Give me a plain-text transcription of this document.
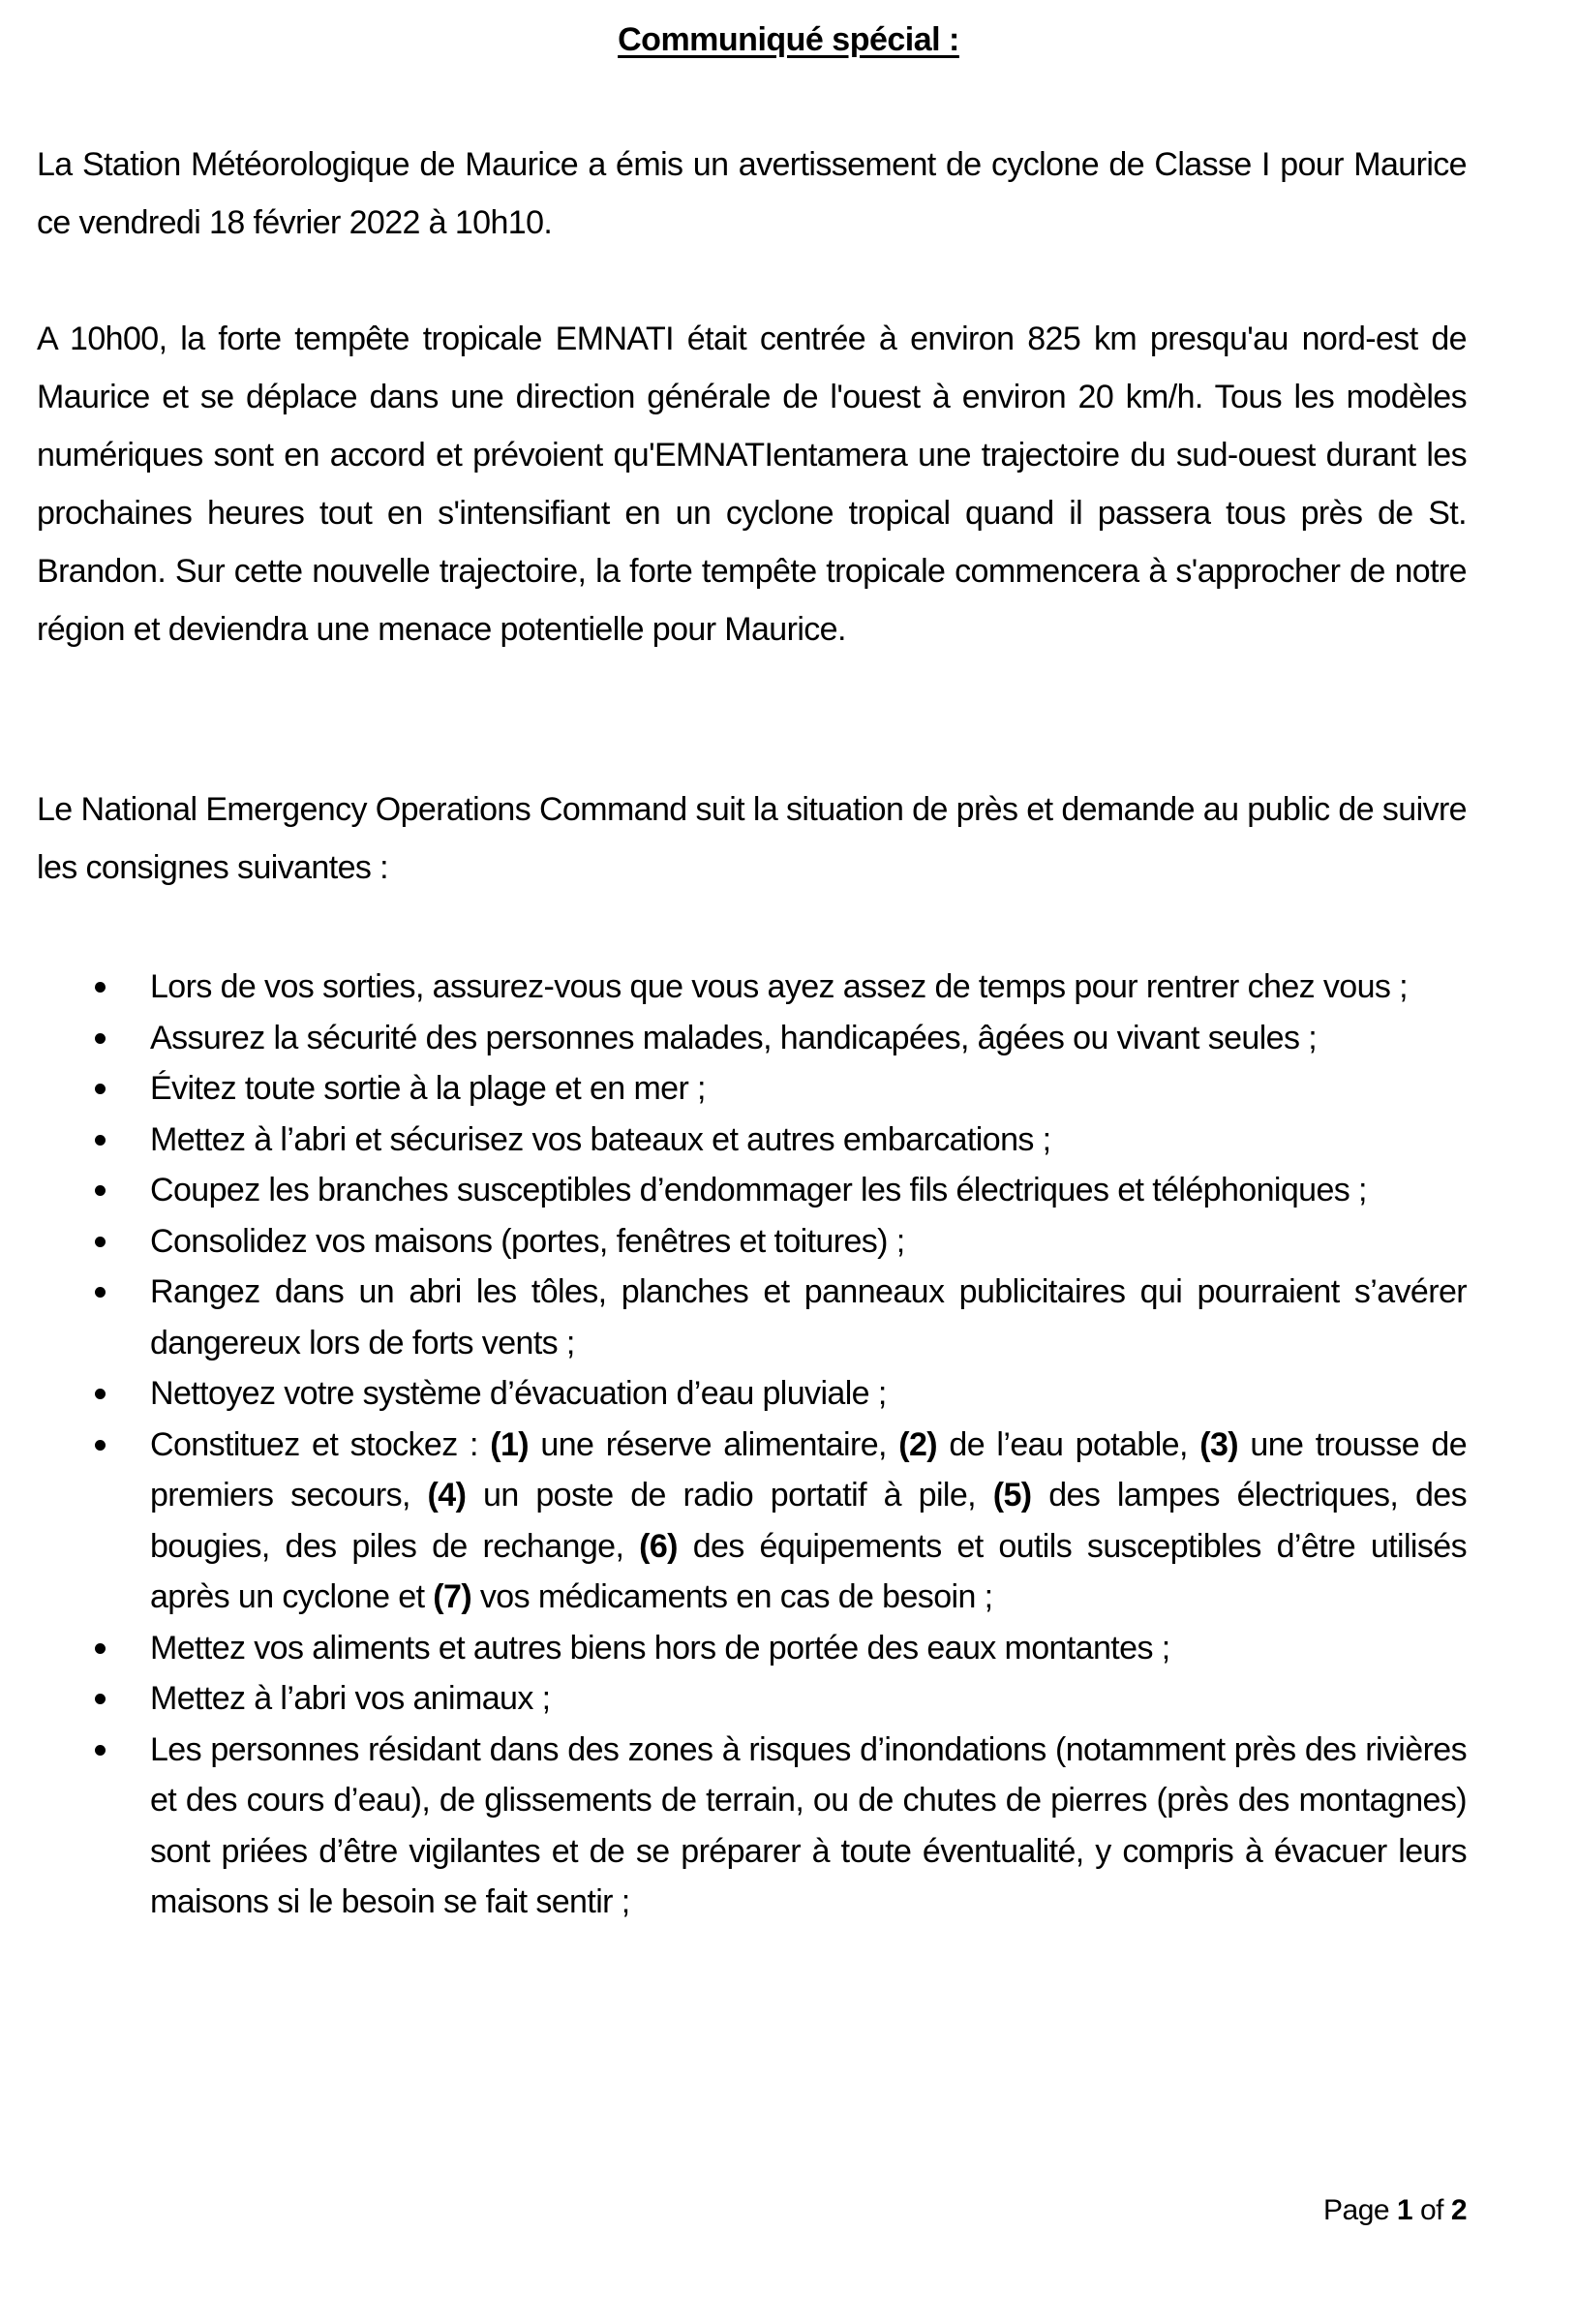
Communiqué spécial :
La Station Météorologique de Maurice a émis un avertissement de cyclone de Classe I pour Maurice ce vendredi 18 février 2022 à 10h10.
A 10h00, la forte tempête tropicale EMNATI était centrée à environ 825 km presqu'au nord-est de Maurice et se déplace dans une direction générale de l'ouest à environ 20 km/h. Tous les modèles numériques sont en accord et prévoient qu'EMNATIentamera une trajectoire du sud-ouest durant les prochaines heures tout en s'intensifiant en un cyclone tropical quand il passera tous près de St. Brandon. Sur cette nouvelle trajectoire, la forte tempête tropicale commencera à s'approcher de notre région et deviendra une menace potentielle pour Maurice.
Le National Emergency Operations Command suit la situation de près et demande au public de suivre les consignes suivantes :
Lors de vos sorties, assurez-vous que vous ayez assez de temps pour rentrer chez vous ;
Assurez la sécurité des personnes malades, handicapées, âgées ou vivant seules ;
Évitez toute sortie à la plage et en mer ;
Mettez à l’abri et sécurisez vos bateaux et autres embarcations ;
Coupez les branches susceptibles d’endommager les fils électriques et téléphoniques ;
Consolidez vos maisons (portes, fenêtres et toitures) ;
Rangez dans un abri les tôles, planches et panneaux publicitaires qui pourraient s’avérer dangereux lors de forts vents ;
Nettoyez votre système d’évacuation d’eau pluviale ;
Constituez et stockez : (1) une réserve alimentaire, (2) de l’eau potable, (3) une trousse de premiers secours, (4) un poste de radio portatif à pile, (5) des lampes électriques, des bougies, des piles de rechange, (6) des équipements et outils susceptibles d’être utilisés après un cyclone et (7) vos médicaments en cas de besoin ;
Mettez vos aliments et autres biens hors de portée des eaux montantes ;
Mettez à l’abri vos animaux ;
Les personnes résidant dans des zones à risques d’inondations (notamment près des rivières et des cours d’eau), de glissements de terrain, ou de chutes de pierres (près des montagnes) sont priées d’être vigilantes et de se préparer à toute éventualité, y compris à évacuer leurs maisons si le besoin se fait sentir ;
Page 1 of 2
